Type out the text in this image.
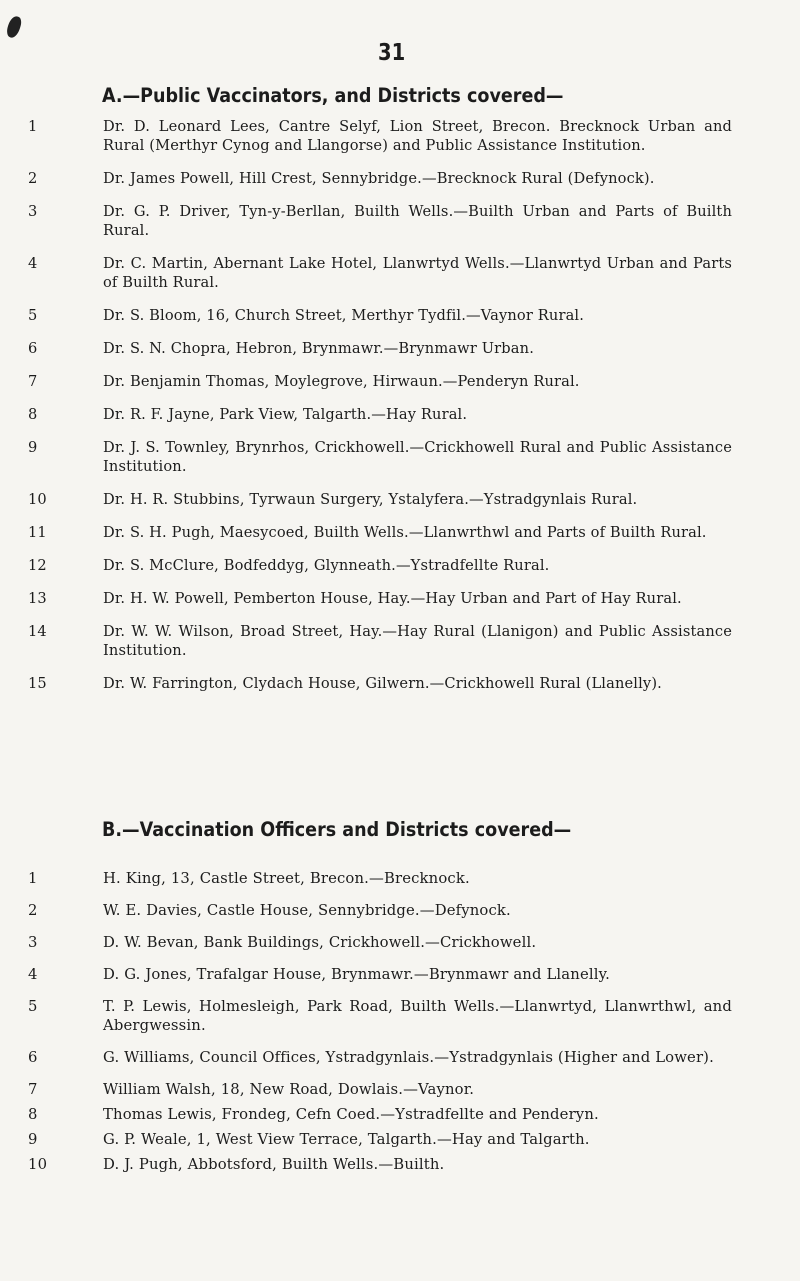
31
A.—Public Vaccinators, and Districts covered—
1	Dr. D. Leonard Lees, Cantre Selyf, Lion Street, Brecon. Brecknock Urban and Rural (Merthyr Cynog and Llangorse) and Public Assistance Institution.
2	Dr. James Powell, Hill Crest, Sennybridge.—Brecknock Rural (Defynock).
3	Dr. G. P. Driver, Tyn-y-Berllan, Builth Wells.—Builth Urban and Parts of Builth Rural.
4	Dr. C. Martin, Abernant Lake Hotel, Llanwrtyd Wells.—Llanwrtyd Urban and Parts of Builth Rural.
5	Dr. S. Bloom, 16, Church Street, Merthyr Tydfil.—Vaynor Rural.
6	Dr. S. N. Chopra, Hebron, Brynmawr.—Brynmawr Urban.
7	Dr. Benjamin Thomas, Moylegrove, Hirwaun.—Penderyn Rural.
8	Dr. R. F. Jayne, Park View, Talgarth.—Hay Rural.
9	Dr. J. S. Townley, Brynrhos, Crickhowell.—Crickhowell Rural and Public Assistance Institution.
10	Dr. H. R. Stubbins, Tyrwaun Surgery, Ystalyfera.—Ystradgynlais Rural.
11	Dr. S. H. Pugh, Maesycoed, Builth Wells.—Llanwrthwl and Parts of Builth Rural.
12	Dr. S. McClure, Bodfeddyg, Glynneath.—Ystradfellte Rural.
13	Dr. H. W. Powell, Pemberton House, Hay.—Hay Urban and Part of Hay Rural.
14	Dr. W. W. Wilson, Broad Street, Hay.—Hay Rural (Llanigon) and Public Assistance Institution.
15	Dr. W. Farrington, Clydach House, Gilwern.—Crickhowell Rural (Llanelly).
B.—Vaccination Officers and Districts covered—
1	H. King, 13, Castle Street, Brecon.—Brecknock.
2	W. E. Davies, Castle House, Sennybridge.—Defynock.
3	D. W. Bevan, Bank Buildings, Crickhowell.—Crickhowell.
4	D. G. Jones, Trafalgar House, Brynmawr.—Brynmawr and Llanelly.
5	T. P. Lewis, Holmesleigh, Park Road, Builth Wells.—Llanwrtyd, Llanwrthwl, and Abergwessin.
6	G. Williams, Council Offices, Ystradgynlais.—Ystradgynlais (Higher and Lower).
7	William Walsh, 18, New Road, Dowlais.—Vaynor.
8	Thomas Lewis, Frondeg, Cefn Coed.—Ystradfellte and Penderyn.
9	G. P. Weale, 1, West View Terrace, Talgarth.—Hay and Talgarth.
10	D. J. Pugh, Abbotsford, Builth Wells.—Builth.
